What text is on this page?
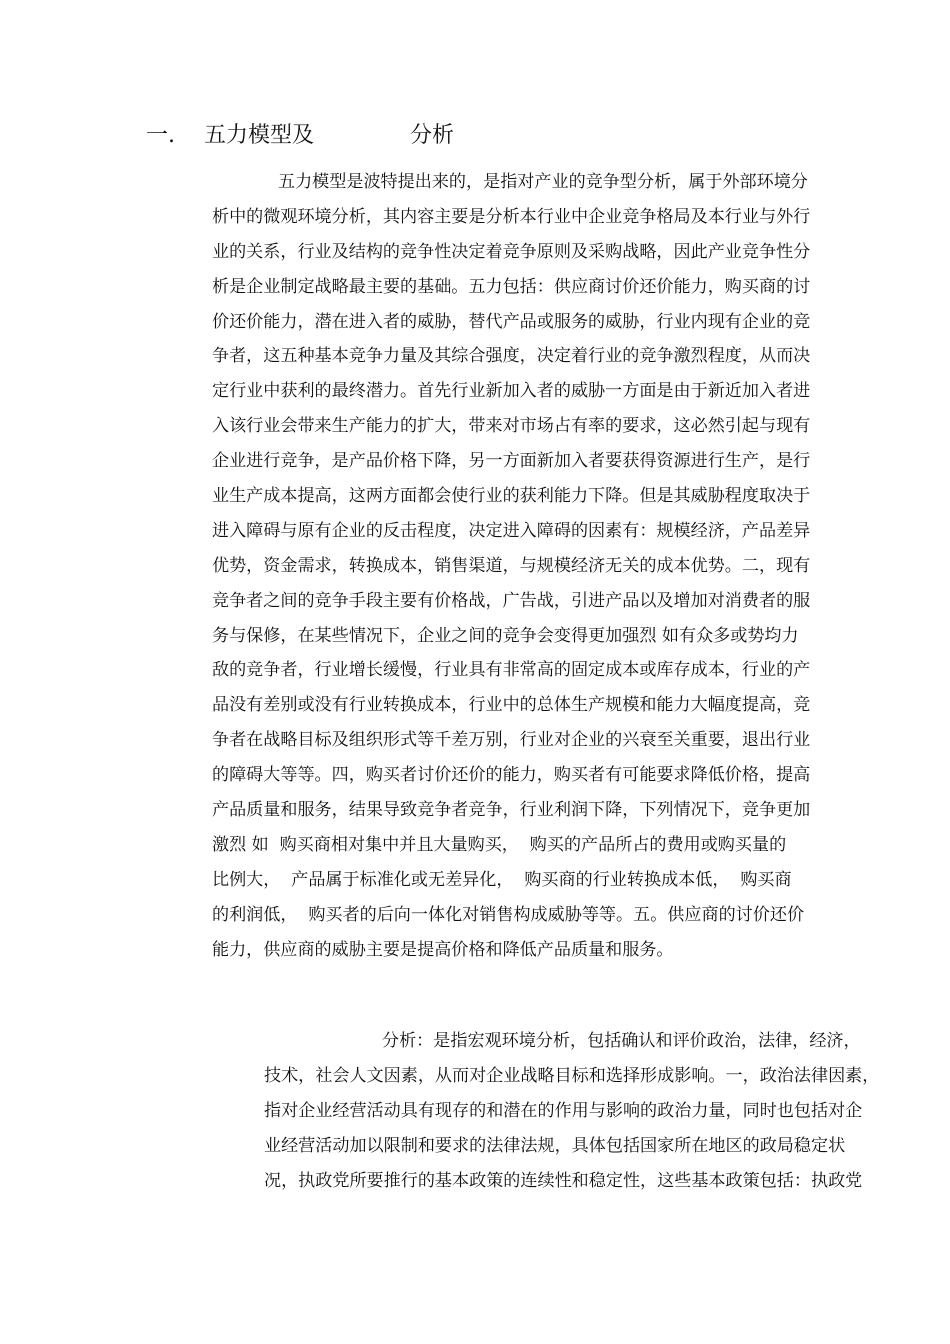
一. 五力模型及	分析
五力模型是波特提出来的，是指对产业的竞争型分析，属于外部环境分
析中的微观环境分析，其内容主要是分析本行业中企业竞争格局及本行业与外行
业的关系，行业及结构的竞争性决定着竞争原则及采购战略，因此产业竞争性分
析是企业制定战略最主要的基础。五力包括：供应商讨价还价能力，购买商的讨
价还价能力，潜在进入者的威胁，替代产品或服务的威胁，行业内现有企业的竞
争者，这五种基本竞争力量及其综合强度，决定着行业的竞争激烈程度，从而决
定行业中获利的最终潜力。首先行业新加入者的威胁一方面是由于新近加入者进
入该行业会带来生产能力的扩大，带来对市场占有率的要求，这必然引起与现有
企业进行竞争，是产品价格下降，另一方面新加入者要获得资源进行生产，是行
业生产成本提高，这两方面都会使行业的获利能力下降。但是其威胁程度取决于
进入障碍与原有企业的反击程度，决定进入障碍的因素有：规模经济，产品差异
优势，资金需求，转换成本，销售渠道，与规模经济无关的成本优势。二，现有
竞争者之间的竞争手段主要有价格战，广告战，引进产品以及增加对消费者的服
务与保修，在某些情况下，企业之间的竞争会变得更加强烈 如有众多或势均力
敌的竞争者，行业增长缓慢，行业具有非常高的固定成本或库存成本，行业的产
品没有差别或没有行业转换成本，行业中的总体生产规模和能力大幅度提高，竞
争者在战略目标及组织形式等千差万别，行业对企业的兴衰至关重要，退出行业
的障碍大等等。四，购买者讨价还价的能力，购买者有可能要求降低价格，提高
产品质量和服务，结果导致竞争者竞争，行业利润下降，下列情况下，竞争更加
激烈 如  购买商相对集中并且大量购买，  购买的产品所占的费用或购买量的
比例大，  产品属于标准化或无差异化，  购买商的行业转换成本低，  购买商
的利润低，  购买者的后向一体化对销售构成威胁等等。五。供应商的讨价还价
能力，供应商的威胁主要是提高价格和降低产品质量和服务。
分析：是指宏观环境分析，包括确认和评价政治，法律，经济，
技术，社会人文因素，从而对企业战略目标和选择形成影响。一，政治法律因素，
指对企业经营活动具有现存的和潜在的作用与影响的政治力量，同时也包括对企
业经营活动加以限制和要求的法律法规，具体包括国家所在地区的政局稳定状
况，执政党所要推行的基本政策的连续性和稳定性，这些基本政策包括：执政党
